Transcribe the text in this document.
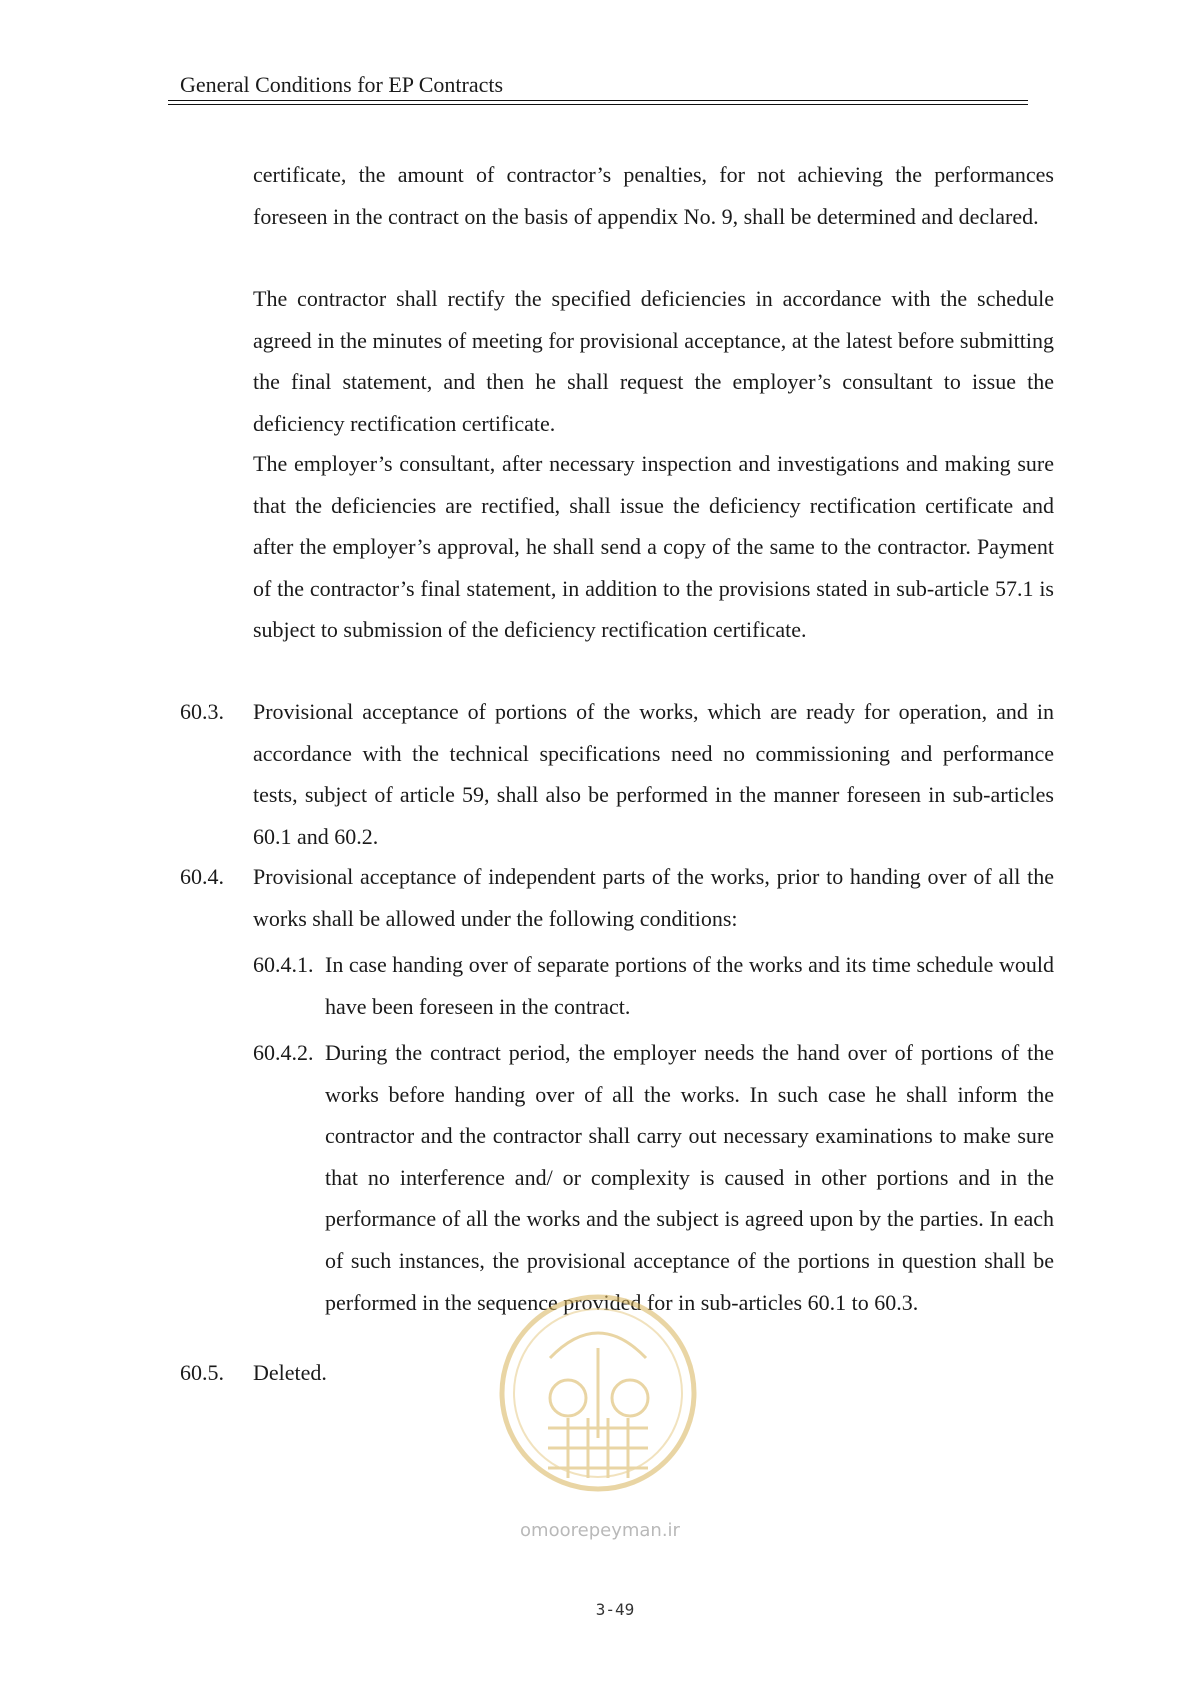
General Conditions for EP Contracts

certificate, the amount of contractor’s penalties, for not achieving the performances foreseen in the contract on the basis of appendix No. 9, shall be determined and declared.

The contractor shall rectify the specified deficiencies in accordance with the schedule agreed in the minutes of meeting for provisional acceptance, at the latest before submitting the final statement, and then he shall request the employer’s consultant to issue the deficiency rectification certificate.

The employer’s consultant, after necessary inspection and investigations and making sure that the deficiencies are rectified, shall issue the deficiency rectification certificate and after the employer’s approval, he shall send a copy of the same to the contractor. Payment of the contractor’s final statement, in addition to the provisions stated in sub-article 57.1 is subject to submission of the deficiency rectification certificate.

60.3. Provisional acceptance of portions of the works, which are ready for operation, and in accordance with the technical specifications need no commissioning and performance tests, subject of article 59, shall also be performed in the manner foreseen in sub-articles 60.1 and 60.2.

60.4. Provisional acceptance of independent parts of the works, prior to handing over of all the works shall be allowed under the following conditions:

60.4.1. In case handing over of separate portions of the works and its time schedule would have been foreseen in the contract.

60.4.2. During the contract period, the employer needs the hand over of portions of the works before handing over of all the works. In such case he shall inform the contractor and the contractor shall carry out necessary examinations to make sure that no interference and/ or complexity is caused in other portions and in the performance of all the works and the subject is agreed upon by the parties. In each of such instances, the provisional acceptance of the portions in question shall be performed in the sequence provided for in sub-articles 60.1 to 60.3.

60.5. Deleted.

omoorepeyman.ir
3-49
